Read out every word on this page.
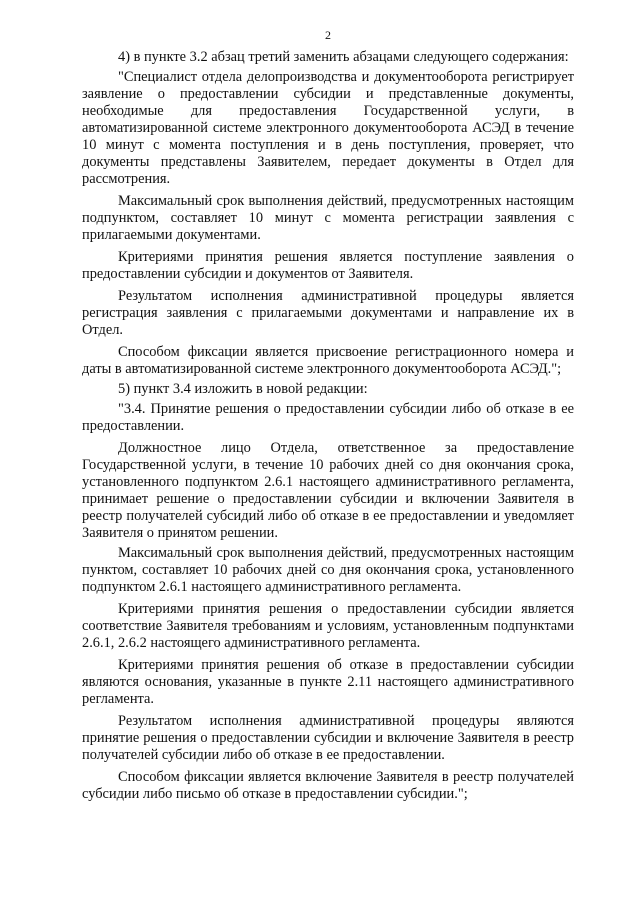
2

4) в пункте 3.2 абзац третий заменить абзацами следующего содержания:

"Специалист отдела делопроизводства и документооборота регистрирует заявление о предоставлении субсидии и представленные документы, необходимые для предоставления Государственной услуги, в автоматизированной системе электронного документооборота АСЭД в течение 10 минут с момента поступления и в день поступления, проверяет, что документы представлены Заявителем, передает документы в Отдел для рассмотрения.

Максимальный срок выполнения действий, предусмотренных настоящим подпунктом, составляет 10 минут с момента регистрации заявления с прилагаемыми документами.

Критериями принятия решения является поступление заявления о предоставлении субсидии и документов от Заявителя.

Результатом исполнения административной процедуры является регистрация заявления с прилагаемыми документами и направление их в Отдел.

Способом фиксации является присвоение регистрационного номера и даты в автоматизированной системе электронного документооборота АСЭД.";

5) пункт 3.4 изложить в новой редакции:

"3.4. Принятие решения о предоставлении субсидии либо об отказе в ее предоставлении.

Должностное лицо Отдела, ответственное за предоставление Государственной услуги, в течение 10 рабочих дней со дня окончания срока, установленного подпунктом 2.6.1 настоящего административного регламента, принимает решение о предоставлении субсидии и включении Заявителя в реестр получателей субсидий либо об отказе в ее предоставлении и уведомляет Заявителя о принятом решении.

Максимальный срок выполнения действий, предусмотренных настоящим пунктом, составляет 10 рабочих дней со дня окончания срока, установленного подпунктом 2.6.1 настоящего административного регламента.

Критериями принятия решения о предоставлении субсидии является соответствие Заявителя требованиям и условиям, установленным подпунктами 2.6.1, 2.6.2 настоящего административного регламента.

Критериями принятия решения об отказе в предоставлении субсидии являются основания, указанные в пункте 2.11 настоящего административного регламента.

Результатом исполнения административной процедуры являются принятие решения о предоставлении субсидии и включение Заявителя в реестр получателей субсидии либо об отказе в ее предоставлении.

Способом фиксации является включение Заявителя в реестр получателей субсидии либо письмо об отказе в предоставлении субсидии.";
